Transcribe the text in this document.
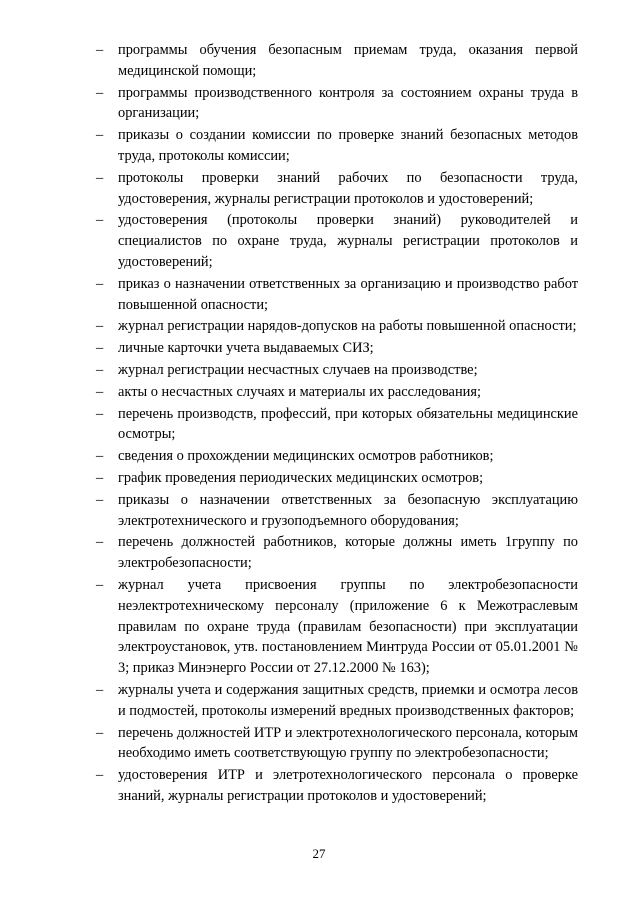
–	программы обучения безопасным приемам труда, оказания первой медицинской помощи;
–	программы производственного контроля за состоянием охраны труда в организации;
–	приказы о создании комиссии по проверке знаний безопасных методов труда, протоколы комиссии;
–	протоколы проверки знаний рабочих по безопасности труда, удостоверения, журналы регистрации протоколов и удостоверений;
–	удостоверения (протоколы проверки знаний) руководителей и специалистов по охране труда, журналы регистрации протоколов и удостоверений;
–	приказ о назначении ответственных за организацию и производство работ повышенной опасности;
–	журнал регистрации нарядов-допусков на работы повышенной опасности;
–	личные карточки учета выдаваемых СИЗ;
–	журнал регистрации несчастных случаев на производстве;
–	акты о несчастных случаях и материалы их расследования;
–	перечень производств, профессий, при которых обязательны медицинские осмотры;
–	сведения о прохождении медицинских осмотров работников;
–	график проведения периодических медицинских осмотров;
–	приказы о назначении ответственных за безопасную эксплуатацию электротехнического и грузоподъемного оборудования;
–	перечень должностей работников, которые должны иметь 1группу по электробезопасности;
–	журнал учета присвоения группы по электробезопасности неэлектротехническому персоналу (приложение 6 к Межотраслевым правилам по охране труда (правилам безопасности) при эксплуатации электроустановок, утв. постановлением Минтруда России от 05.01.2001 № 3; приказ Минэнерго России от 27.12.2000 № 163);
–	журналы учета и содержания защитных средств, приемки и осмотра лесов и подмостей, протоколы измерений вредных производственных факторов;
–	перечень должностей ИТР и электротехнологического персонала, которым необходимо иметь соответствующую группу по электробезопасности;
–	удостоверения ИТР и элетротехнологического персонала о проверке знаний, журналы регистрации протоколов и удостоверений;
27
